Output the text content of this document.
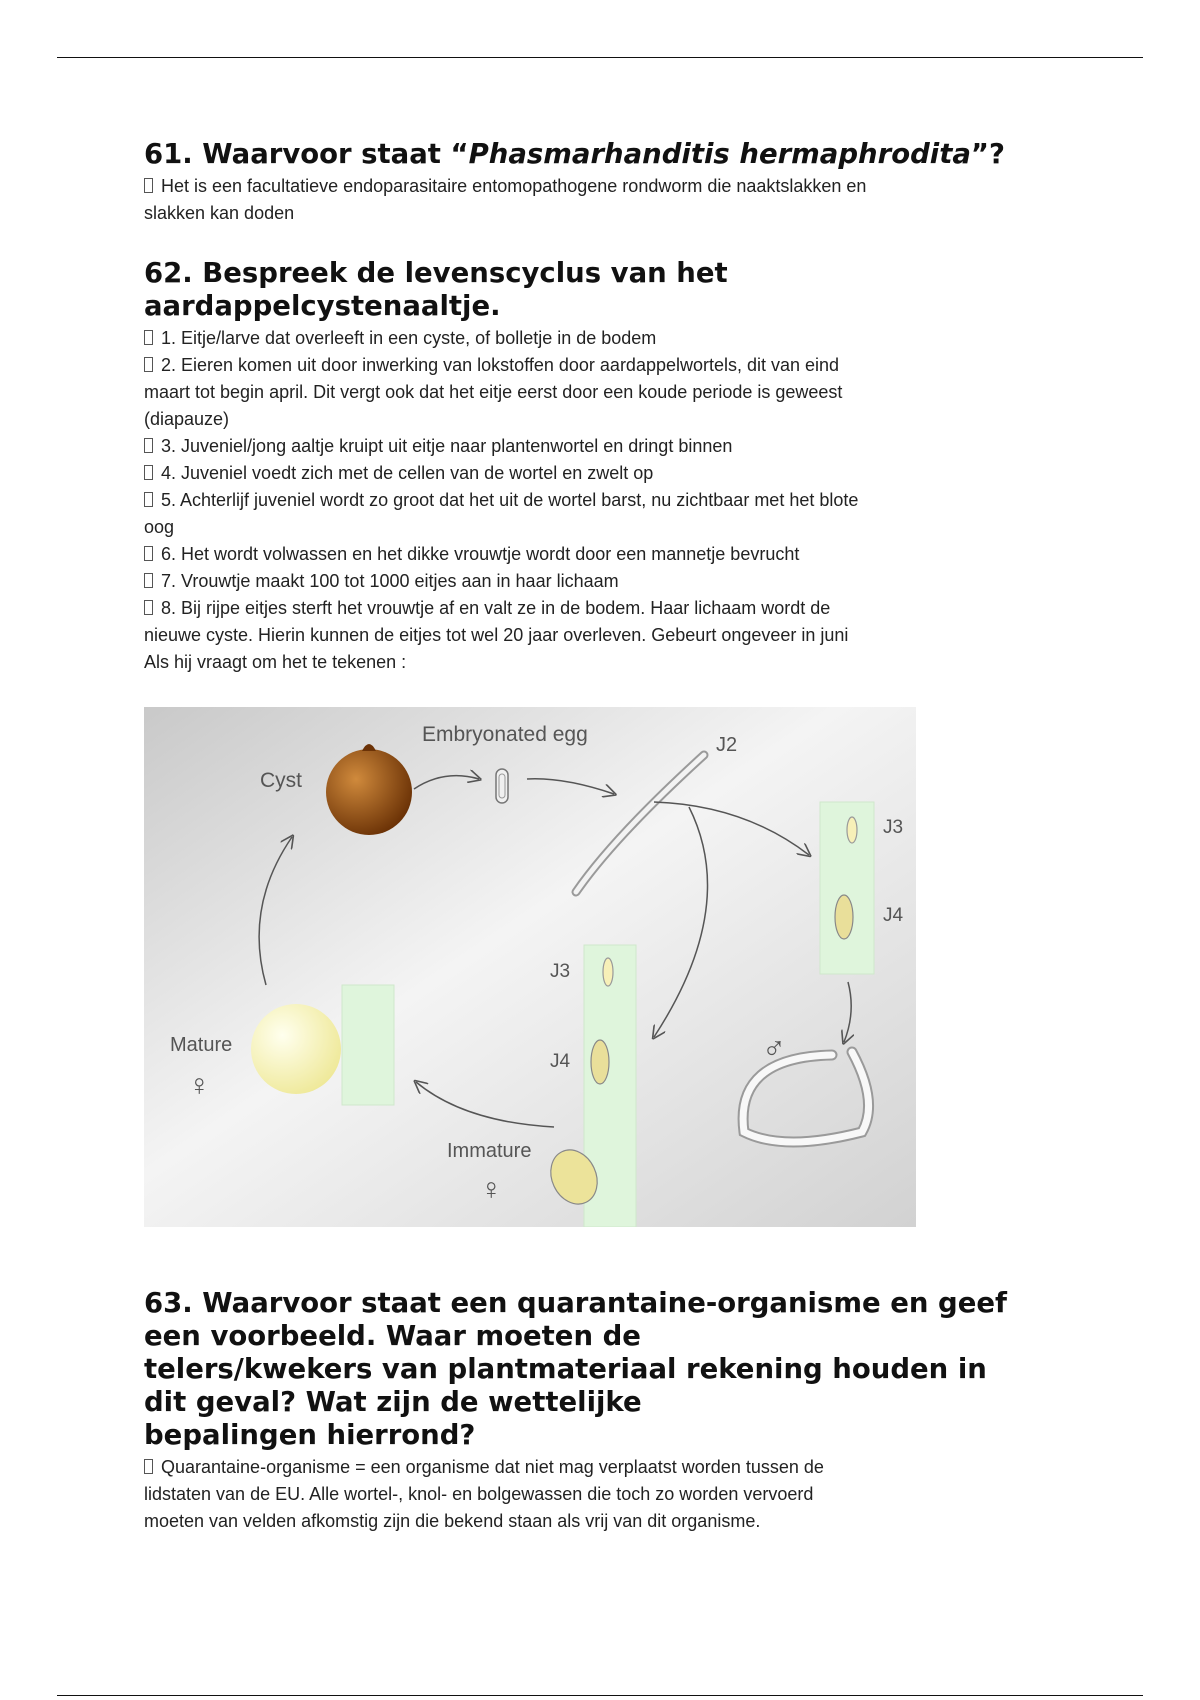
61. Waarvoor staat “Phasmarhanditis hermaphrodita”?

Het is een facultatieve endoparasitaire entomopathogene rondworm die naaktslakken en

slakken kan doden

62. Bespreek de levenscyclus van het
aardappelcystenaaltje.

1. Eitje/larve dat overleeft in een cyste, of bolletje in de bodem

2. Eieren komen uit door inwerking van lokstoffen door aardappelwortels, dit van eind

maart tot begin april. Dit vergt ook dat het eitje eerst door een koude periode is geweest

(diapauze)

3. Juveniel/jong aaltje kruipt uit eitje naar plantenwortel en dringt binnen

4. Juveniel voedt zich met de cellen van de wortel en zwelt op

5. Achterlijf juveniel wordt zo groot dat het uit de wortel barst, nu zichtbaar met het blote

oog

6. Het wordt volwassen en het dikke vrouwtje wordt door een mannetje bevrucht

7. Vrouwtje maakt 100 tot 1000 eitjes aan in haar lichaam

8. Bij rijpe eitjes sterft het vrouwtje af en valt ze in de bodem. Haar lichaam wordt de

nieuwe cyste. Hierin kunnen de eitjes tot wel 20 jaar overleven. Gebeurt ongeveer in juni

Als hij vraagt om het te tekenen :

Cyst
Embryonated egg	J2
J3
J4
♂
J3
J4
Immature
♀
Mature
♀
63. Waarvoor staat een quarantaine-organisme en geef
een voorbeeld. Waar moeten de
telers/kwekers van plantmateriaal rekening houden in
dit geval? Wat zijn de wettelijke
bepalingen hierrond?

Quarantaine-organisme = een organisme dat niet mag verplaatst worden tussen de

lidstaten van de EU. Alle wortel-, knol- en bolgewassen die toch zo worden vervoerd

moeten van velden afkomstig zijn die bekend staan als vrij van dit organisme.
